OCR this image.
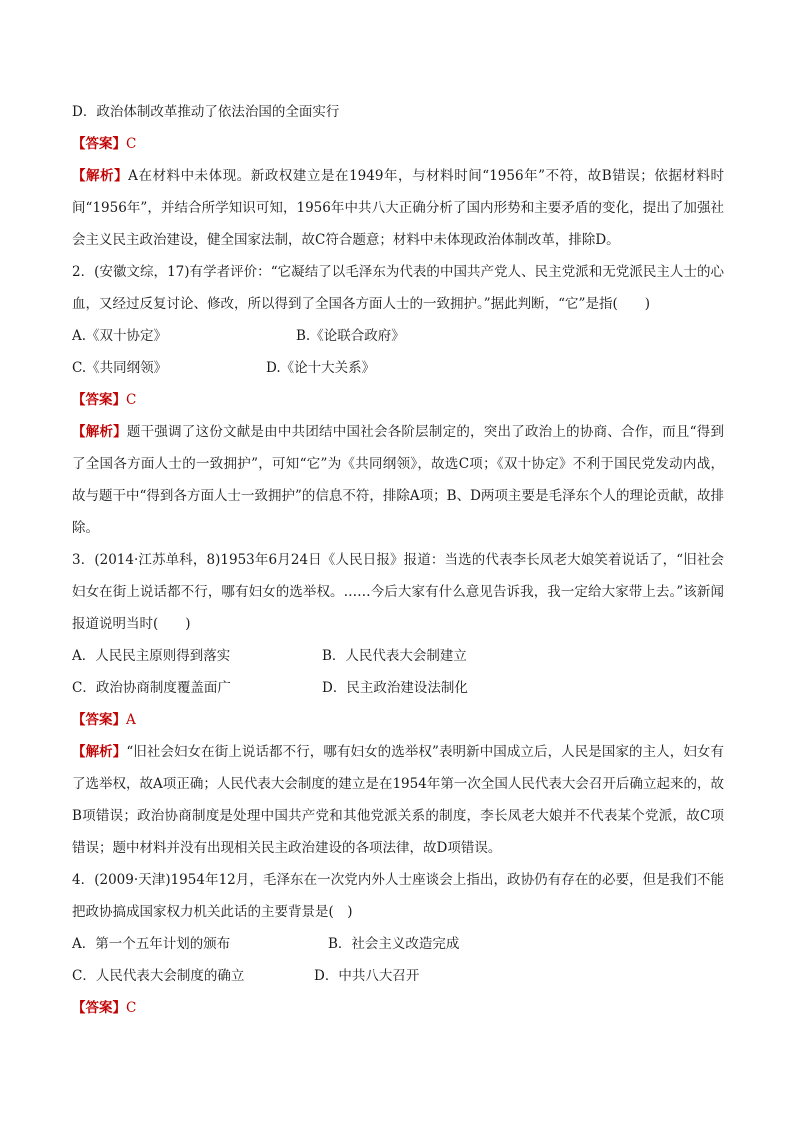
D．政治体制改革推动了依法治国的全面实行
【答案】C
【解析】A在材料中未体现。新政权建立是在1949年，与材料时间“1956年”不符，故B错误；依据材料时间“1956年”，并结合所学知识可知，1956年中共八大正确分析了国内形势和主要矛盾的变化，提出了加强社会主义民主政治建设，健全国家法制，故C符合题意；材料中未体现政治体制改革，排除D。
2．(安徽文综，17)有学者评价：“它凝结了以毛泽东为代表的中国共产党人、民主党派和无党派民主人士的心血，又经过反复讨论、修改，所以得到了全国各方面人士的一致拥护。”据此判断，“它”是指(　　)
A.《双十协定》	B.《论联合政府》
C.《共同纲领》	D.《论十大关系》
【答案】C
【解析】题干强调了这份文献是由中共团结中国社会各阶层制定的，突出了政治上的协商、合作，而且“得到了全国各方面人士的一致拥护”，可知“它”为《共同纲领》，故选C项；《双十协定》不利于国民党发动内战，故与题干中“得到各方面人士一致拥护”的信息不符，排除A项；B、D两项主要是毛泽东个人的理论贡献，故排除。
3．(2014·江苏单科，8)1953年6月24日《人民日报》报道：当选的代表李长凤老大娘笑着说话了，“旧社会妇女在街上说话都不行，哪有妇女的选举权。……今后大家有什么意见告诉我，我一定给大家带上去。”该新闻报道说明当时(　　)
A．人民民主原则得到落实	B．人民代表大会制建立
C．政治协商制度覆盖面广	D．民主政治建设法制化
【答案】A
【解析】“旧社会妇女在街上说话都不行，哪有妇女的选举权”表明新中国成立后，人民是国家的主人，妇女有了选举权，故A项正确；人民代表大会制度的建立是在1954年第一次全国人民代表大会召开后确立起来的，故B项错误；政治协商制度是处理中国共产党和其他党派关系的制度，李长凤老大娘并不代表某个党派，故C项错误；题中材料并没有出现相关民主政治建设的各项法律，故D项错误。
4．(2009·天津)1954年12月，毛泽东在一次党内外人士座谈会上指出，政协仍有存在的必要，但是我们不能把政协搞成国家权力机关此话的主要背景是(　)
A．第一个五年计划的颁布	B．社会主义改造完成
C．人民代表大会制度的确立	D．中共八大召开
【答案】C
